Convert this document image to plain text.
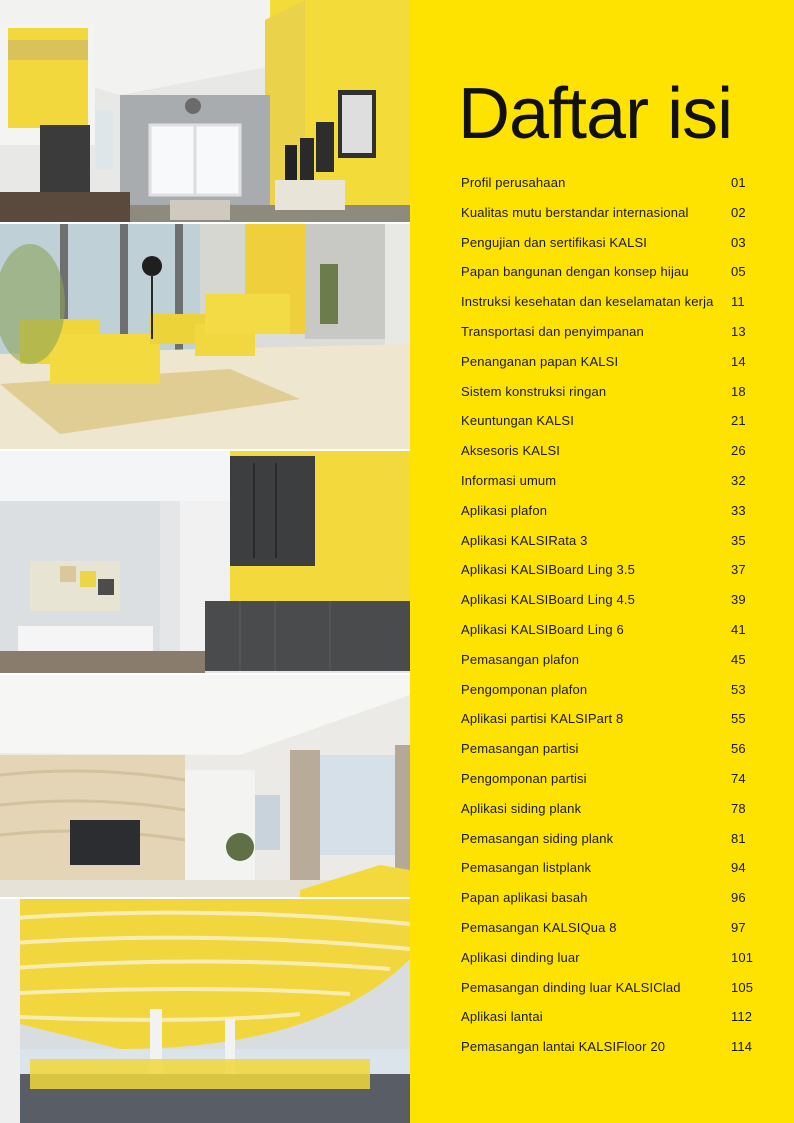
Daftar isi
Profil perusahaan	01
Kualitas mutu berstandar internasional	02
Pengujian dan sertifikasi KALSI	03
Papan bangunan dengan konsep hijau	05
Instruksi kesehatan dan keselamatan kerja 11
Transportasi dan penyimpanan	13
Penanganan papan KALSI	14
Sistem konstruksi ringan	18
Keuntungan KALSI	21
Aksesoris KALSI	26
Informasi umum	32
Aplikasi plafon	33
Aplikasi KALSIRata 3	35
Aplikasi KALSIBoard Ling 3.5	37
Aplikasi KALSIBoard Ling 4.5	39
Aplikasi KALSIBoard Ling 6	41
Pemasangan plafon	45
Pengomponan plafon	53
Aplikasi partisi KALSIPart 8	55
Pemasangan partisi	56
Pengomponan partisi	74
Aplikasi siding plank	78
Pemasangan siding plank	81
Pemasangan listplank	94
Papan aplikasi basah	96
Pemasangan KALSIQua 8	97
Aplikasi dinding luar	101
Pemasangan dinding luar KALSIClad	105
Aplikasi lantai	112
Pemasangan lantai KALSIFloor 20	114
